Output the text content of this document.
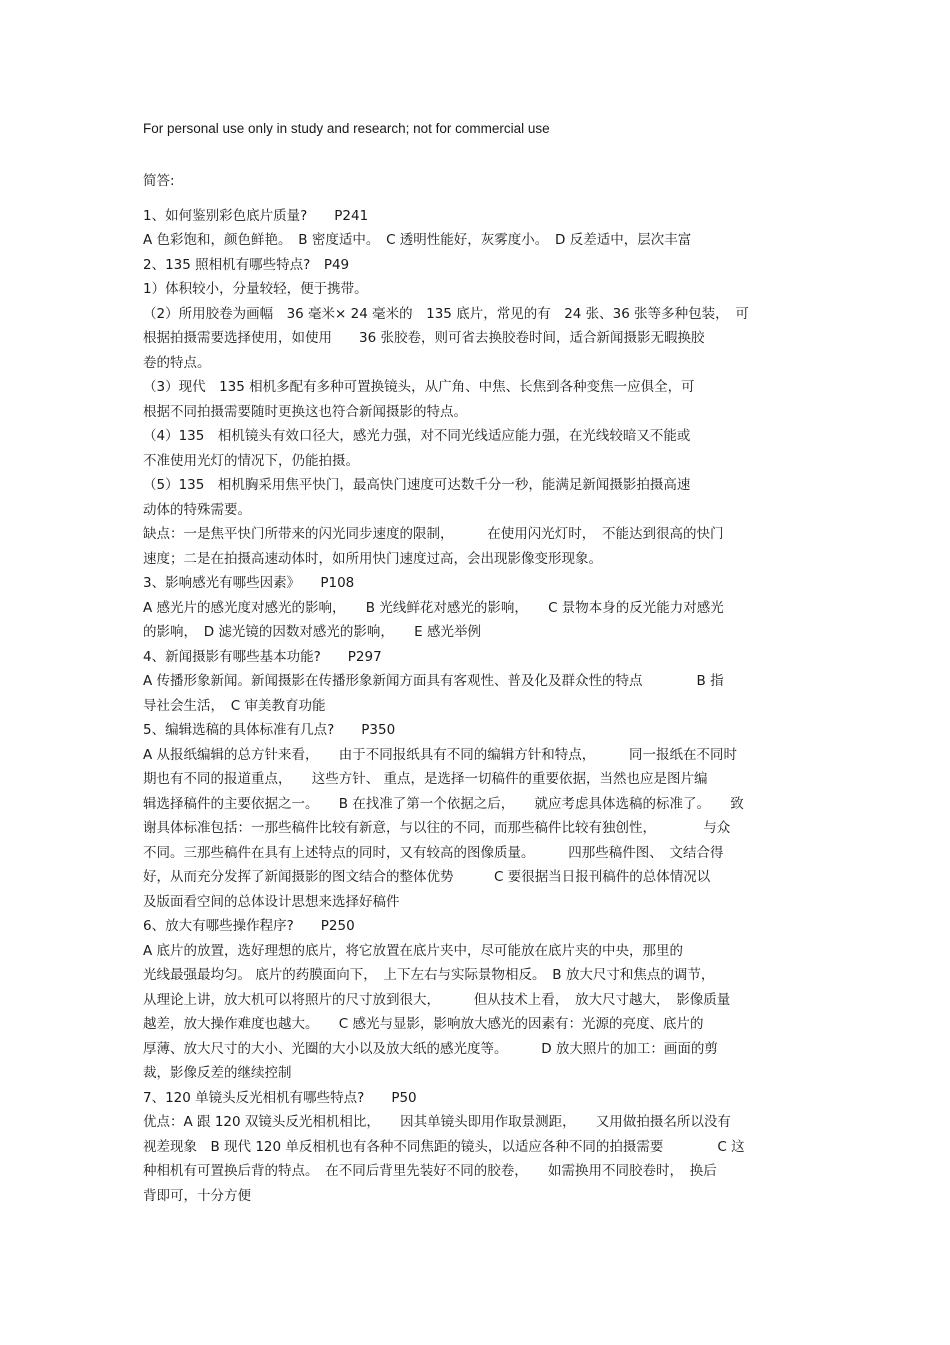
For personal use only in study and research; not for commercial use
简答:
1、如何鉴别彩色底片质量?　　P241
A 色彩饱和，颜色鲜艳。　B 密度适中。　C 透明性能好，灰雾度小。　D 反差适中，层次丰富
2、135 照相机有哪些特点?　P49
1）体积较小，分量较轻，便于携带。
（2）所用胶卷为画幅　36 毫米× 24 毫米的　135 底片，常见的有　24 张、36 张等多种包装，　可
根据拍摄需要选择使用，如使用　　36 张胶卷，则可省去换胶卷时间，适合新闻摄影无暇换胶
卷的特点。
（3）现代　135 相机多配有多种可置换镜头，从广角、中焦、长焦到各种变焦一应俱全，可
根据不同拍摄需要随时更换这也符合新闻摄影的特点。
（4）135　相机镜头有效口径大，感光力强，对不同光线适应能力强，在光线较暗又不能或
不准使用光灯的情况下，仍能拍摄。
（5）135　相机胸采用焦平快门，最高快门速度可达数千分一秒，能满足新闻摄影拍摄高速
动体的特殊需要。
缺点：一是焦平快门所带来的闪光同步速度的限制，　　　在使用闪光灯时，　不能达到很高的快门
速度；二是在拍摄高速动体时，如所用快门速度过高，会出现影像变形现象。
3、影响感光有哪些因素》　　P108
A 感光片的感光度对感光的影响，　　B 光线鲜花对感光的影响，　　C 景物本身的反光能力对感光
的影响，　D 滤光镜的因数对感光的影响，　　E 感光举例
4、新闻摄影有哪些基本功能?　　P297
A 传播形象新闻。新闻摄影在传播形象新闻方面具有客观性、普及化及群众性的特点　　　　B 指
导社会生活，　C 审美教育功能
5、编辑选稿的具体标准有几点?　　P350
A 从报纸编辑的总方针来看，　　由于不同报纸具有不同的编辑方针和特点，　　　同一报纸在不同时
期也有不同的报道重点，　　这些方针、 重点，是选择一切稿件的重要依据，当然也应是图片编
辑选择稿件的主要依据之一。　　B 在找准了第一个依据之后，　　就应考虑具体选稿的标准了。　　致
谢具体标准包括：一那些稿件比较有新意，与以往的不同，而那些稿件比较有独创性，　　　　与众
不同。三那些稿件在具有上述特点的同时，又有较高的图像质量。　　　四那些稿件图、　文结合得
好，从而充分发挥了新闻摄影的图文结合的整体优势　　　C 要很据当日报刊稿件的总体情况以
及版面看空间的总体设计思想来选择好稿件
6、放大有哪些操作程序?　　P250
A 底片的放置，选好理想的底片，将它放置在底片夹中，尽可能放在底片夹的中央，那里的
光线最强最均匀。 底片的药膜面向下，　上下左右与实际景物相反。　B 放大尺寸和焦点的调节，
从理论上讲，放大机可以将照片的尺寸放到很大，　　　但从技术上看，　放大尺寸越大，　影像质量
越差，放大操作难度也越大。　　C 感光与显影，影响放大感光的因素有：光源的亮度、底片的
厚薄、放大尺寸的大小、光圈的大小以及放大纸的感光度等。　　　D 放大照片的加工：画面的剪
裁，影像反差的继续控制
7、120 单镜头反光相机有哪些特点?　　P50
优点：A 跟 120 双镜头反光相机相比，　　因其单镜头即用作取景测距，　　又用做拍摄名所以没有
视差现象　B 现代 120 单反相机也有各种不同焦距的镜头，以适应各种不同的拍摄需要　　　　C 这
种相机有可置换后背的特点。　在不同后背里先装好不同的胶卷，　　如需换用不同胶卷时，　换后
背即可，十分方便
